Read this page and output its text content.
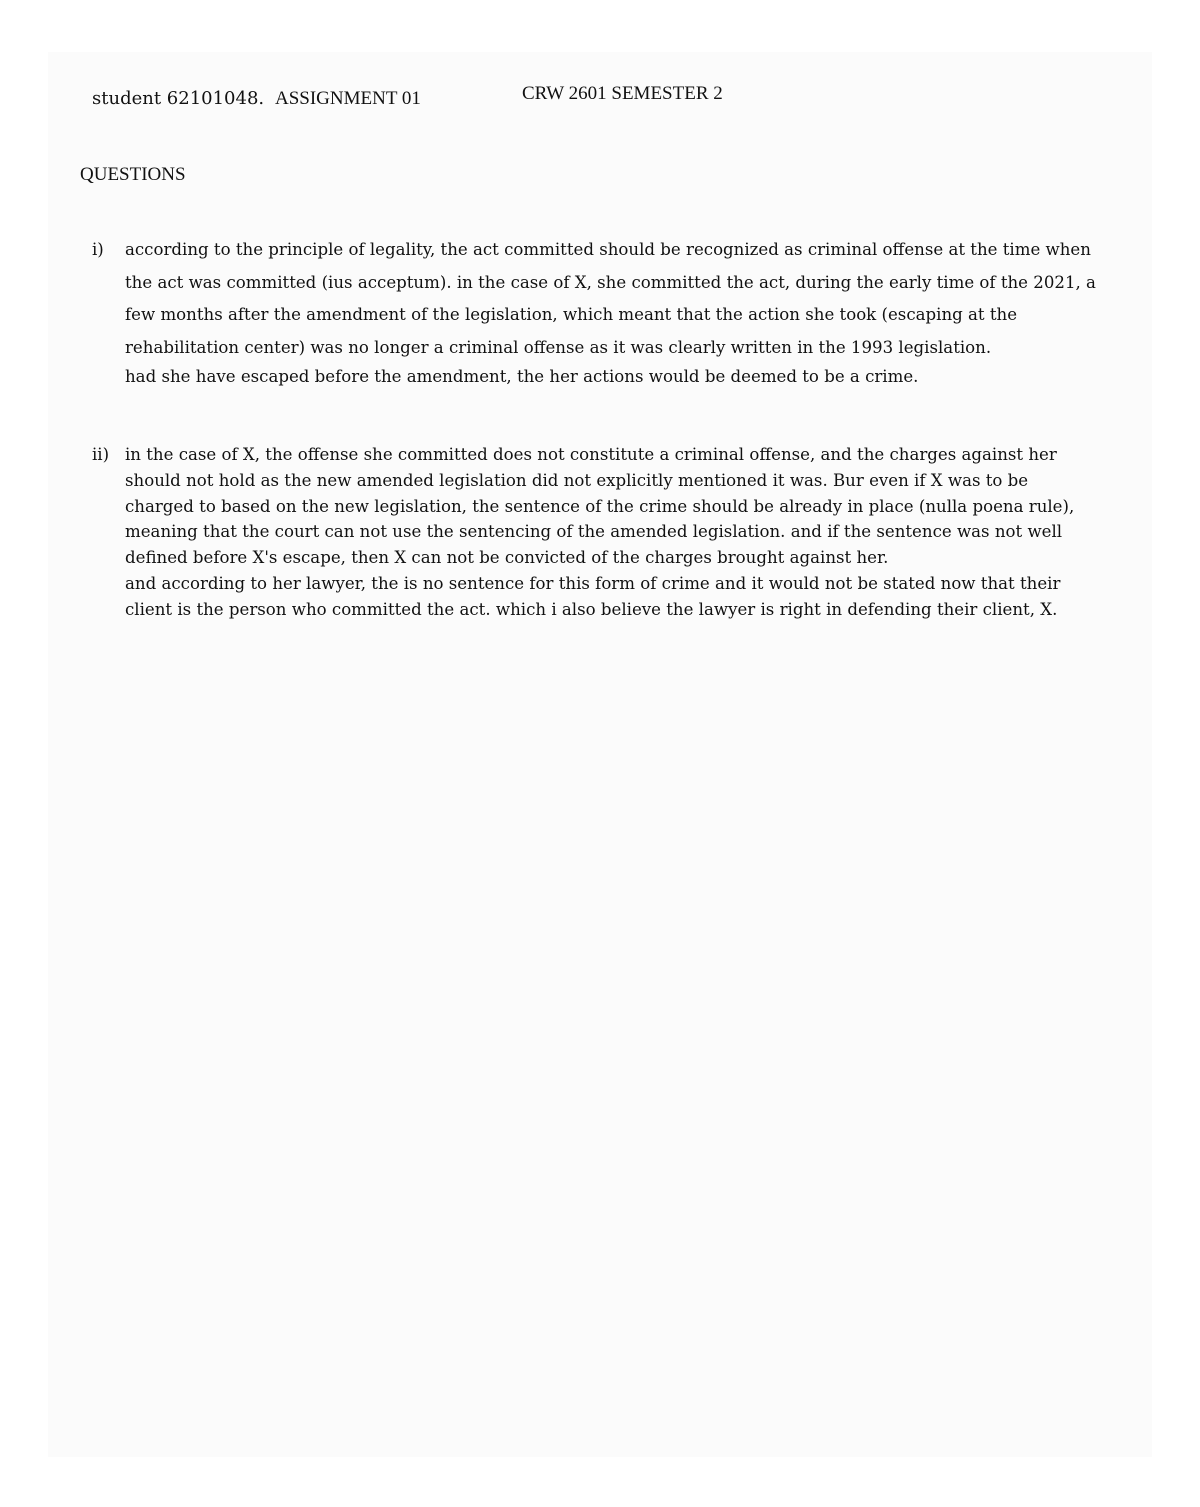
student 62101048. ASSIGNMENT 01	CRW 2601 SEMESTER 2
QUESTIONS
i) according to the principle of legality, the act committed should be recognized as criminal offense at the time when
the act was committed (ius acceptum). in the case of X, she committed the act, during the early time of the 2021, a
few months after the amendment of the legislation, which meant that the action she took (escaping at the
rehabilitation center) was no longer a criminal offense as it was clearly written in the 1993 legislation.
had she have escaped before the amendment, the her actions would be deemed to be a crime.
ii) in the case of X, the offense she committed does not constitute a criminal offense, and the charges against her
should not hold as the new amended legislation did not explicitly mentioned it was. Bur even if X was to be
charged to based on the new legislation, the sentence of the crime should be already in place (nulla poena rule),
meaning that the court can not use the sentencing of the amended legislation. and if the sentence was not well
defined before X's escape, then X can not be convicted of the charges brought against her.
and according to her lawyer, the is no sentence for this form of crime and it would not be stated now that their
client is the person who committed the act. which i also believe the lawyer is right in defending their client, X.
